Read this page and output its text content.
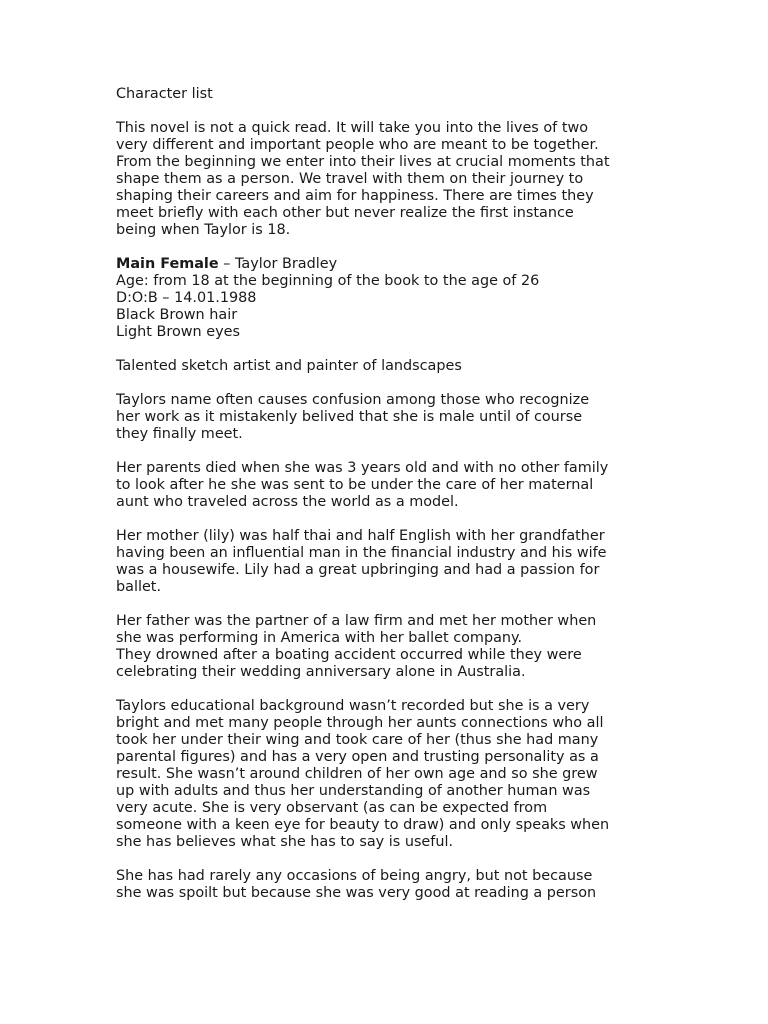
Character list

This novel is not a quick read. It will take you into the lives of two
very different and important people who are meant to be together.
From the beginning we enter into their lives at crucial moments that
shape them as a person. We travel with them on their journey to
shaping their careers and aim for happiness. There are times they
meet briefly with each other but never realize the first instance
being when Taylor is 18.

Main Female – Taylor Bradley
Age: from 18 at the beginning of the book to the age of 26
D:O:B – 14.01.1988
Black Brown hair
Light Brown eyes

Talented sketch artist and painter of landscapes

Taylors name often causes confusion among those who recognize
her work as it mistakenly belived that she is male until of course
they finally meet.

Her parents died when she was 3 years old and with no other family
to look after he she was sent to be under the care of her maternal
aunt who traveled across the world as a model.

Her mother (lily) was half thai and half English with her grandfather
having been an influential man in the financial industry and his wife
was a housewife. Lily had a great upbringing and had a passion for
ballet.

Her father was the partner of a law firm and met her mother when
she was performing in America with her ballet company.
They drowned after a boating accident occurred while they were
celebrating their wedding anniversary alone in Australia.

Taylors educational background wasn’t recorded but she is a very
bright and met many people through her aunts connections who all
took her under their wing and took care of her (thus she had many
parental figures) and has a very open and trusting personality as a
result. She wasn’t around children of her own age and so she grew
up with adults and thus her understanding of another human was
very acute. She is very observant (as can be expected from
someone with a keen eye for beauty to draw) and only speaks when
she has believes what she has to say is useful.

She has had rarely any occasions of being angry, but not because
she was spoilt but because she was very good at reading a person
